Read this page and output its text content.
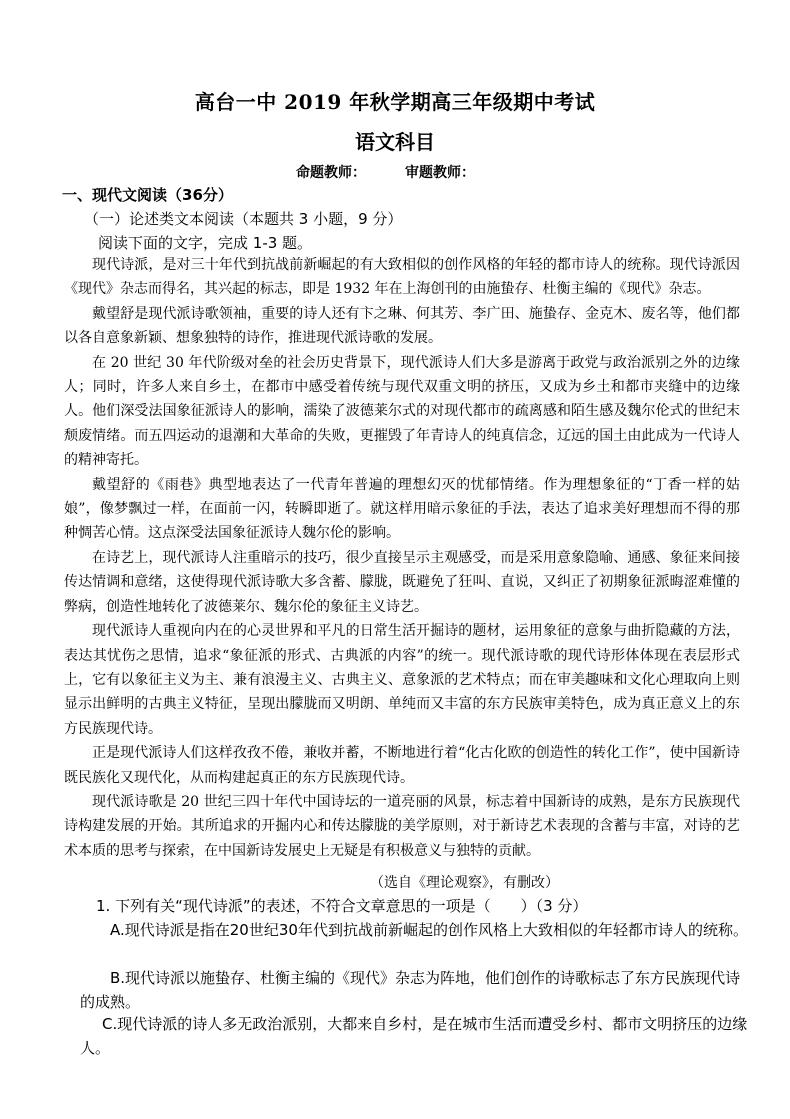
高台一中 2019 年秋学期高三年级期中考试
语文科目
命题教师：        审题教师：
一、现代文阅读（36分）
（一）论述类文本阅读（本题共 3 小题，9 分）
阅读下面的文字，完成 1-3 题。

现代诗派，是对三十年代到抗战前新崛起的有大致相似的创作风格的年轻的都市诗人的统称。现代诗派因《现代》杂志而得名，其兴起的标志，即是 1932 年在上海创刊的由施蛰存、杜衡主编的《现代》杂志。

戴望舒是现代派诗歌领袖，重要的诗人还有卞之琳、何其芳、李广田、施蛰存、金克木、废名等，他们都以各自意象新颖、想象独特的诗作，推进现代派诗歌的发展。

在 20 世纪 30 年代阶级对垒的社会历史背景下，现代派诗人们大多是游离于政党与政治派别之外的边缘人；同时，许多人来自乡土，在都市中感受着传统与现代双重文明的挤压，又成为乡土和都市夹缝中的边缘人。他们深受法国象征派诗人的影响，濡染了波德莱尔式的对现代都市的疏离感和陌生感及魏尔伦式的世纪末颓废情绪。而五四运动的退潮和大革命的失败，更摧毁了年青诗人的纯真信念，辽远的国土由此成为一代诗人的精神寄托。

戴望舒的《雨巷》典型地表达了一代青年普遍的理想幻灭的忧郁情绪。作为理想象征的“丁香一样的姑娘”，像梦飘过一样，在面前一闪，转瞬即逝了。就这样用暗示象征的手法，表达了追求美好理想而不得的那种惆苦心情。这点深受法国象征派诗人魏尔伦的影响。

在诗艺上，现代派诗人注重暗示的技巧，很少直接呈示主观感受，而是采用意象隐喻、通感、象征来间接传达情调和意绪，这使得现代派诗歌大多含蓄、朦胧，既避免了狂叫、直说，又纠正了初期象征派晦涩难懂的弊病，创造性地转化了波德莱尔、魏尔伦的象征主义诗艺。

现代派诗人重视向内在的心灵世界和平凡的日常生活开掘诗的题材，运用象征的意象与曲折隐藏的方法，表达其忧伤之思情，追求“象征派的形式、古典派的内容”的统一。现代派诗歌的现代诗形体体现在表层形式上，它有以象征主义为主、兼有浪漫主义、古典主义、意象派的艺术特点；而在审美趣味和文化心理取向上则显示出鲜明的古典主义特征，呈现出朦胧而又明朗、单纯而又丰富的东方民族审美特色，成为真正意义上的东方民族现代诗。

正是现代派诗人们这样孜孜不倦，兼收并蓄，不断地进行着“化古化欧的创造性的转化工作”，使中国新诗既民族化又现代化，从而构建起真正的东方民族现代诗。

现代派诗歌是 20 世纪三四十年代中国诗坛的一道亮丽的风景，标志着中国新诗的成熟，是东方民族现代诗构建发展的开始。其所追求的开掘内心和传达朦胧的美学原则，对于新诗艺术表现的含蓄与丰富，对诗的艺术本质的思考与探索，在中国新诗发展史上无疑是有积极意义与独特的贡献。

（选自《理论观察》，有删改）
1. 下列有关“现代诗派”的表述，不符合文章意思的一项是（　　）（3 分）
A.现代诗派是指在20世纪30年代到抗战前新崛起的创作风格上大致相似的年轻都市诗人的统称。
B.现代诗派以施蛰存、杜衡主编的《现代》杂志为阵地，他们创作的诗歌标志了东方民族现代诗的成熟。
C.现代诗派的诗人多无政治派别，大都来自乡村，是在城市生活而遭受乡村、都市文明挤压的边缘人。
